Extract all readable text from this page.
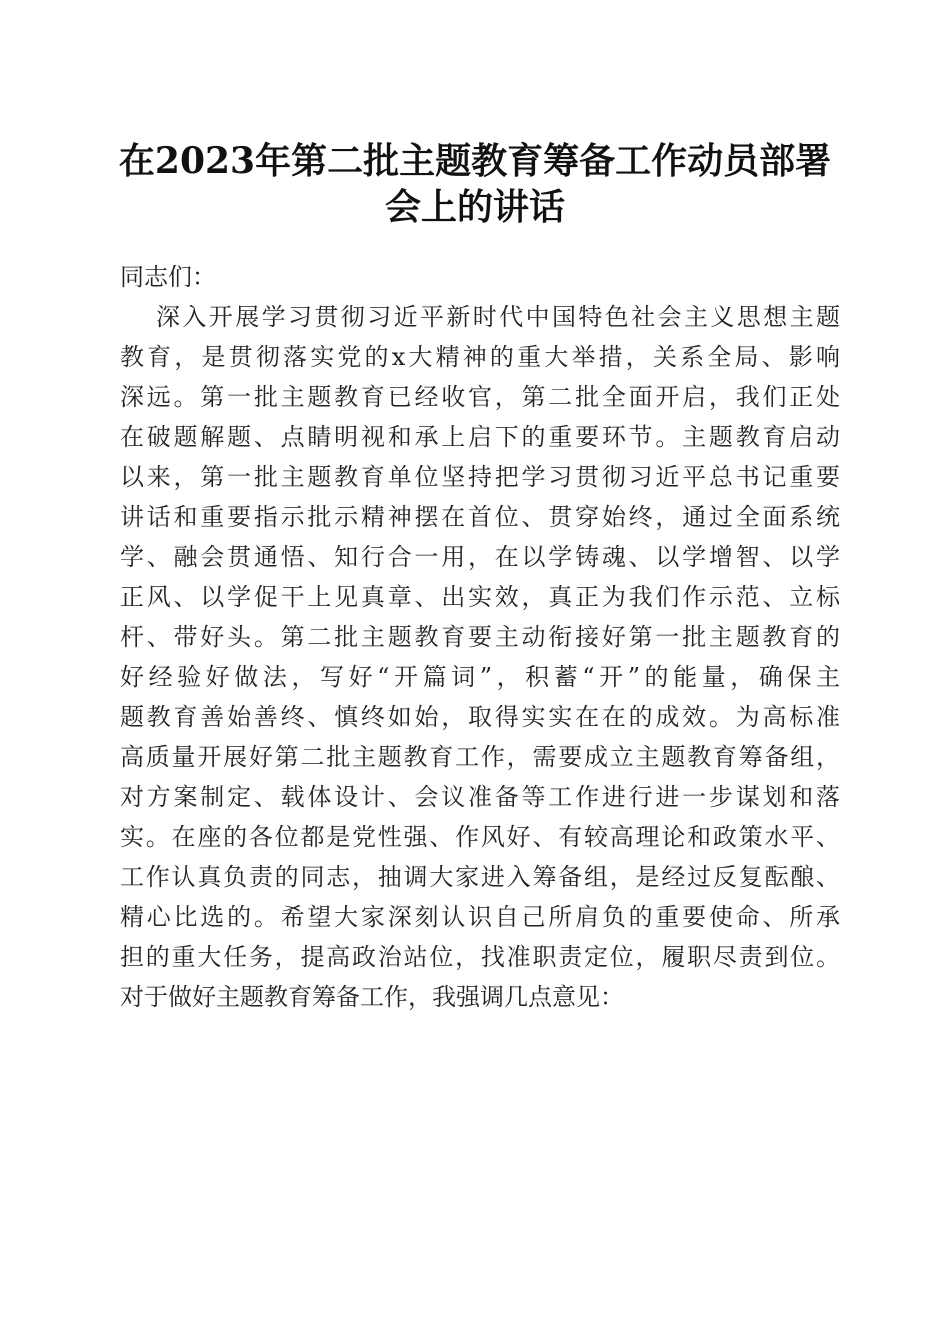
在2023年第二批主题教育筹备工作动员部署
会上的讲话
同志们：
深入开展学习贯彻习近平新时代中国特色社会主义思想主题
教育，是贯彻落实党的x大精神的重大举措，关系全局、影响
深远。第一批主题教育已经收官，第二批全面开启，我们正处
在破题解题、点睛明视和承上启下的重要环节。主题教育启动
以来，第一批主题教育单位坚持把学习贯彻习近平总书记重要
讲话和重要指示批示精神摆在首位、贯穿始终，通过全面系统
学、融会贯通悟、知行合一用，在以学铸魂、以学增智、以学
正风、以学促干上见真章、出实效，真正为我们作示范、立标
杆、带好头。第二批主题教育要主动衔接好第一批主题教育的
好经验好做法，写好“开篇词”，积蓄“开”的能量，确保主
题教育善始善终、慎终如始，取得实实在在的成效。为高标准
高质量开展好第二批主题教育工作，需要成立主题教育筹备组，
对方案制定、载体设计、会议准备等工作进行进一步谋划和落
实。在座的各位都是党性强、作风好、有较高理论和政策水平、
工作认真负责的同志，抽调大家进入筹备组，是经过反复酝酿、
精心比选的。希望大家深刻认识自己所肩负的重要使命、所承
担的重大任务，提高政治站位，找准职责定位，履职尽责到位。
对于做好主题教育筹备工作，我强调几点意见：
